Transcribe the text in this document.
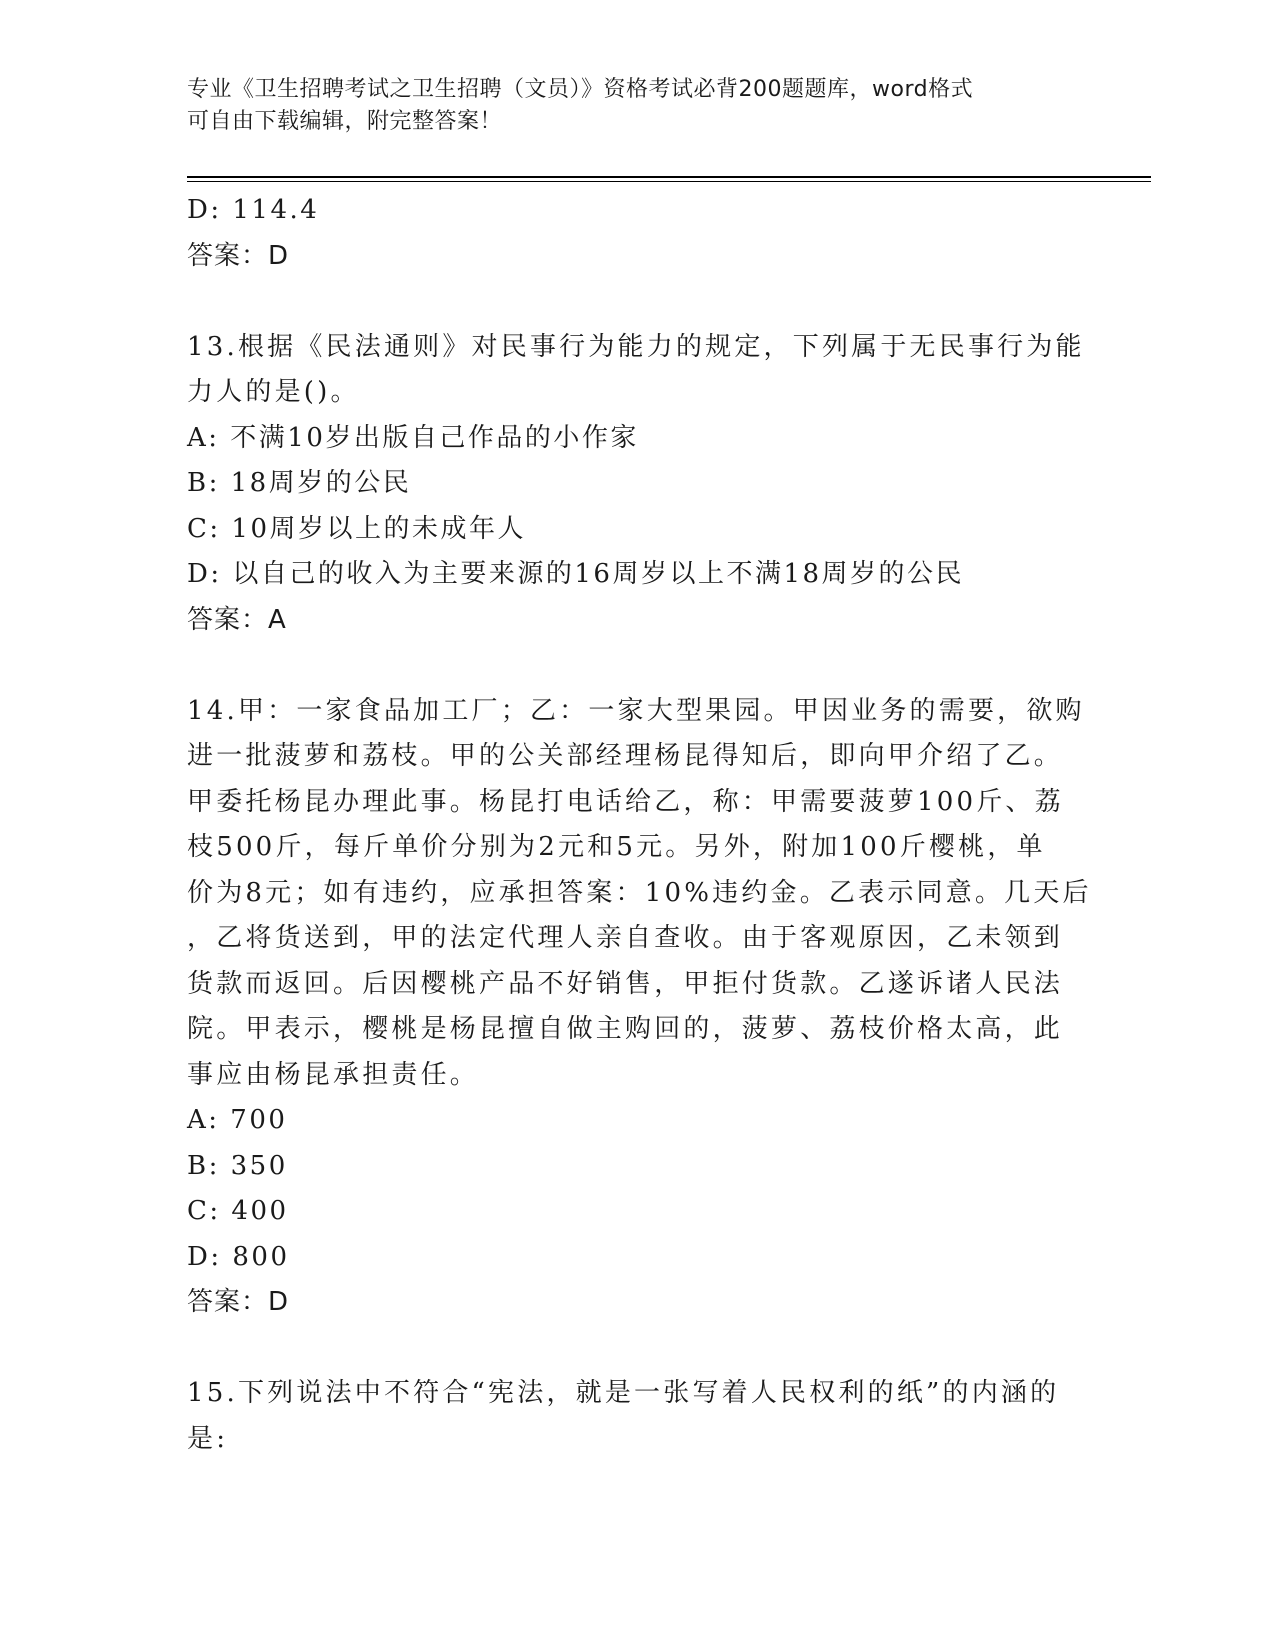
专业《卫生招聘考试之卫生招聘（文员）》资格考试必背200题题库，word格式
可自由下载编辑，附完整答案！
D: 114.4
答案：D
13.根据《民法通则》对民事行为能力的规定，下列属于无民事行为能
力人的是()。
A: 不满10岁出版自己作品的小作家
B: 18周岁的公民
C: 10周岁以上的未成年人
D: 以自己的收入为主要来源的16周岁以上不满18周岁的公民
答案：A
14.甲：一家食品加工厂；乙：一家大型果园。甲因业务的需要，欲购
进一批菠萝和荔枝。甲的公关部经理杨昆得知后，即向甲介绍了乙。
甲委托杨昆办理此事。杨昆打电话给乙，称：甲需要菠萝100斤、荔
枝500斤，每斤单价分别为2元和5元。另外，附加100斤樱桃，单
价为8元；如有违约，应承担答案：10%违约金。乙表示同意。几天后
，乙将货送到，甲的法定代理人亲自查收。由于客观原因，乙未领到
货款而返回。后因樱桃产品不好销售，甲拒付货款。乙遂诉诸人民法
院。甲表示，樱桃是杨昆擅自做主购回的，菠萝、荔枝价格太高，此
事应由杨昆承担责任。
A: 700
B: 350
C: 400
D: 800
答案：D
15.下列说法中不符合“宪法，就是一张写着人民权利的纸”的内涵的
是:
